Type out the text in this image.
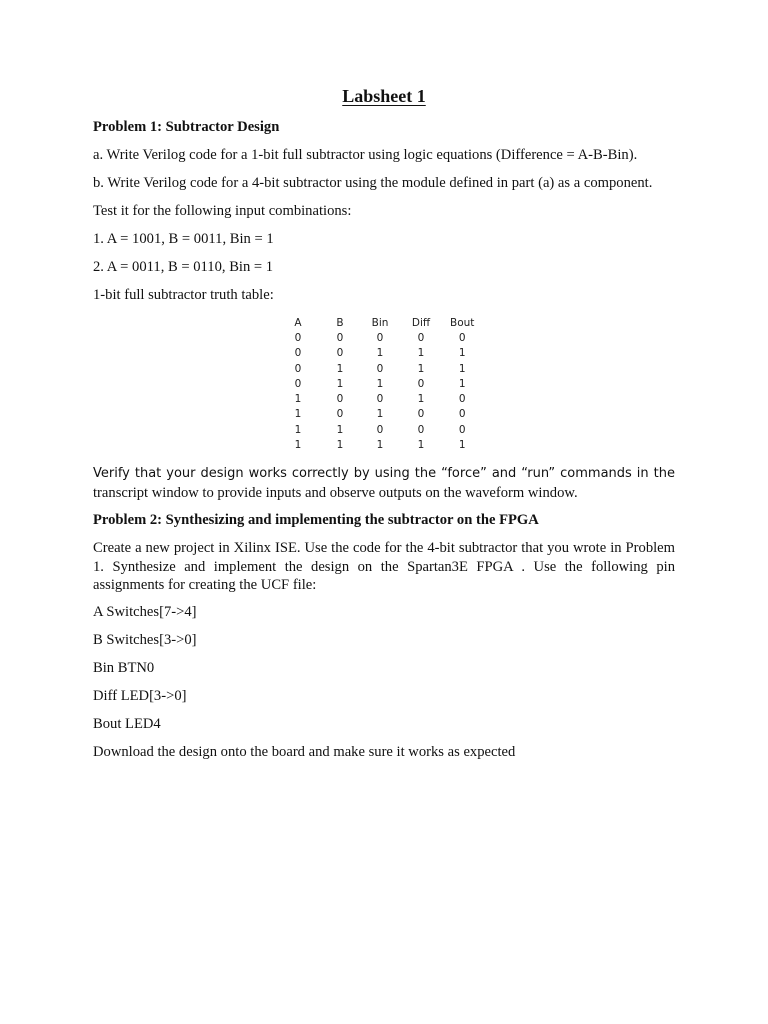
Labsheet 1
Problem 1: Subtractor Design
a. Write Verilog code for a 1-bit full subtractor using logic equations (Difference = A-B-Bin).
b. Write Verilog code for a 4-bit subtractor using the module defined in part (a) as a component.
Test it for the following input combinations:
1. A = 1001, B = 0011, Bin = 1
2. A = 0011, B = 0110, Bin = 1
1-bit full subtractor truth table:
A	B	Bin	Diff	Bout
0	0	0	0	0
0	0	1	1	1
0	1	0	1	1
0	1	1	0	1
1	0	0	1	0
1	0	1	0	0
1	1	0	0	0
1	1	1	1	1
Verify that your design works correctly by using the “force” and “run” commands in the
transcript window to provide inputs and observe outputs on the waveform window.
Problem 2: Synthesizing and implementing the subtractor on the FPGA
Create a new project in Xilinx ISE. Use the code for the 4-bit subtractor that you wrote in Problem 1. Synthesize and implement the design on the Spartan3E FPGA . Use the following pin assignments for creating the UCF file:
A Switches[7->4]
B Switches[3->0]
Bin BTN0
Diff LED[3->0]
Bout LED4
Download the design onto the board and make sure it works as expected
